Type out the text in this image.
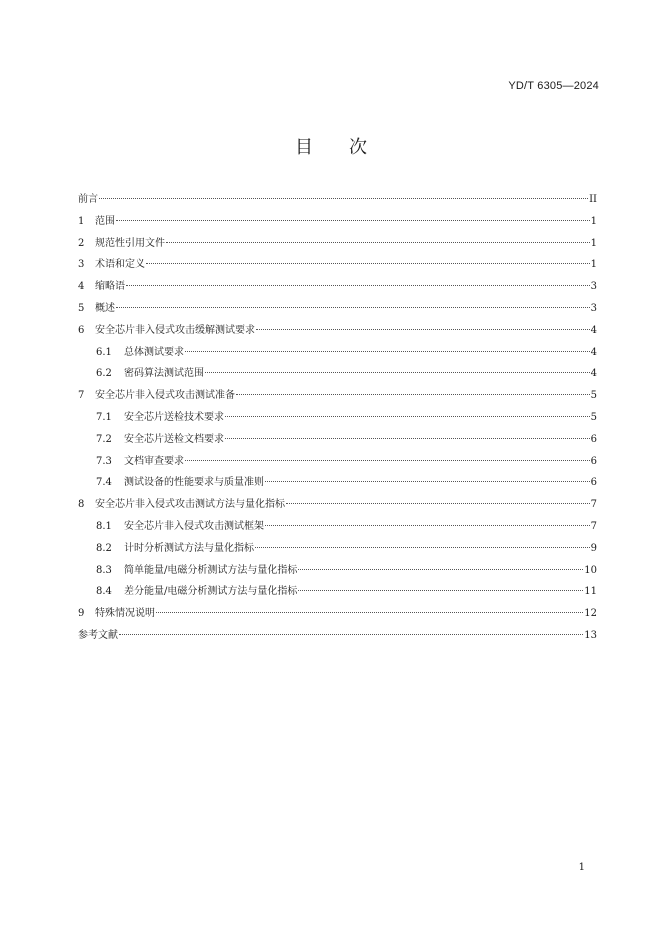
YD/T 6305—2024
目次
前言	II
1	范围	1
2	规范性引用文件	1
3	术语和定义	1
4	缩略语	3
5	概述	3
6	安全芯片非入侵式攻击缓解测试要求	4
6.1	总体测试要求	4
6.2	密码算法测试范围	4
7	安全芯片非入侵式攻击测试准备	5
7.1	安全芯片送检技术要求	5
7.2	安全芯片送检文档要求	6
7.3	文档审查要求	6
7.4	测试设备的性能要求与质量准则	6
8	安全芯片非入侵式攻击测试方法与量化指标	7
8.1	安全芯片非入侵式攻击测试框架	7
8.2	计时分析测试方法与量化指标	9
8.3	简单能量/电磁分析测试方法与量化指标	10
8.4	差分能量/电磁分析测试方法与量化指标	11
9	特殊情况说明	12
参考文献	13
1
